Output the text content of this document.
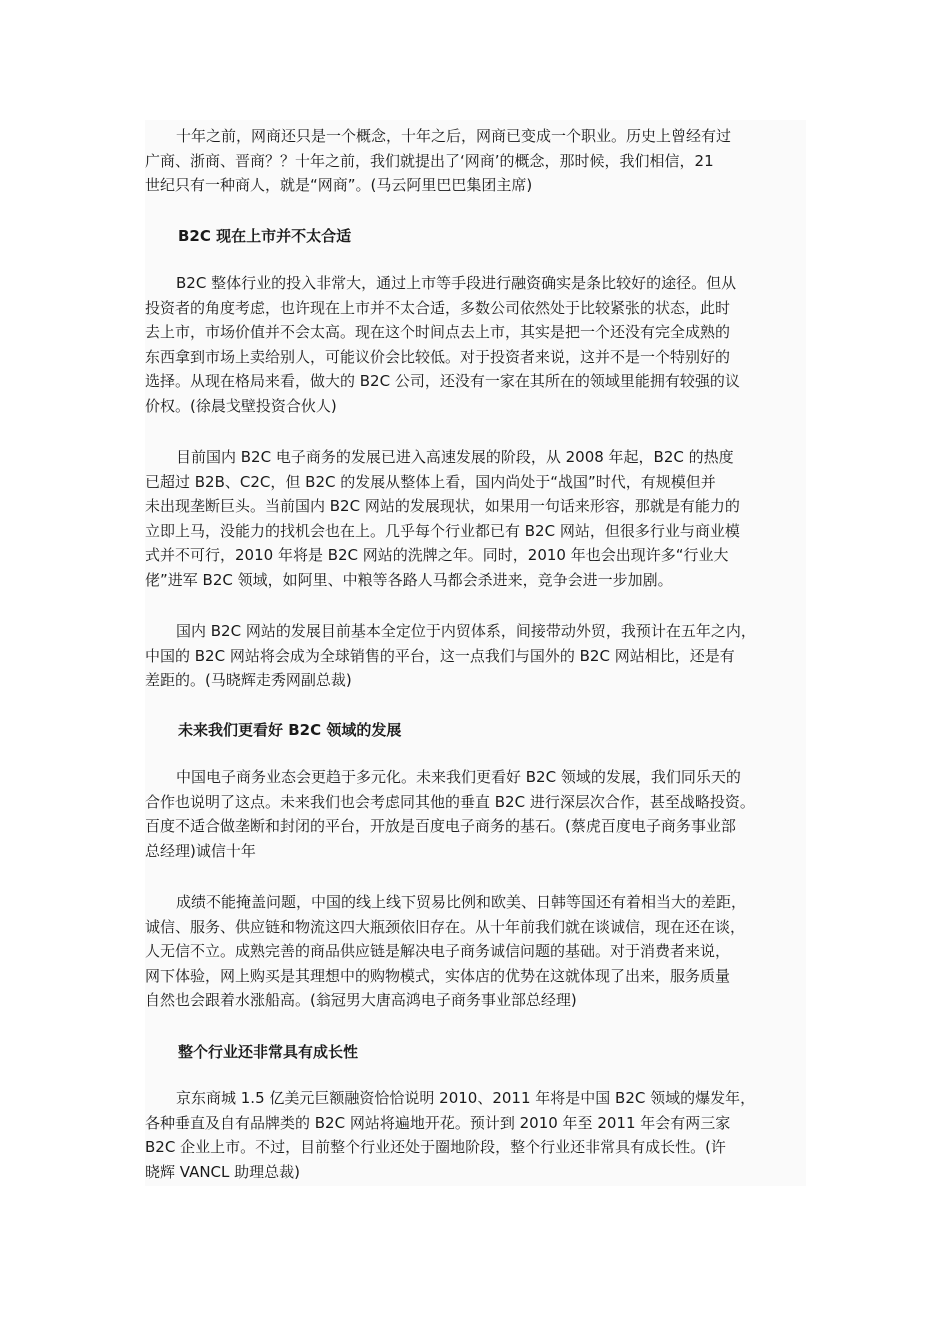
十年之前，网商还只是一个概念，十年之后，网商已变成一个职业。历史上曾经有过
广商、浙商、晋商？？十年之前，我们就提出了‘网商’的概念，那时候，我们相信，21
世纪只有一种商人，就是“网商”。(马云阿里巴巴集团主席)
B2C 现在上市并不太合适
B2C 整体行业的投入非常大，通过上市等手段进行融资确实是条比较好的途径。但从
投资者的角度考虑，也许现在上市并不太合适，多数公司依然处于比较紧张的状态，此时
去上市，市场价值并不会太高。现在这个时间点去上市，其实是把一个还没有完全成熟的
东西拿到市场上卖给别人，可能议价会比较低。对于投资者来说，这并不是一个特别好的
选择。从现在格局来看，做大的 B2C 公司，还没有一家在其所在的领域里能拥有较强的议
价权。(徐晨戈壁投资合伙人)
目前国内 B2C 电子商务的发展已进入高速发展的阶段，从 2008 年起，B2C 的热度
已超过 B2B、C2C，但 B2C 的发展从整体上看，国内尚处于“战国”时代，有规模但并
未出现垄断巨头。当前国内 B2C 网站的发展现状，如果用一句话来形容，那就是有能力的
立即上马，没能力的找机会也在上。几乎每个行业都已有 B2C 网站，但很多行业与商业模
式并不可行，2010 年将是 B2C 网站的洗牌之年。同时，2010 年也会出现许多“行业大
佬”进军 B2C 领域，如阿里、中粮等各路人马都会杀进来，竞争会进一步加剧。
国内 B2C 网站的发展目前基本全定位于内贸体系，间接带动外贸，我预计在五年之内，
中国的 B2C 网站将会成为全球销售的平台，这一点我们与国外的 B2C 网站相比，还是有
差距的。(马晓辉走秀网副总裁)
未来我们更看好 B2C 领域的发展
中国电子商务业态会更趋于多元化。未来我们更看好 B2C 领域的发展，我们同乐天的
合作也说明了这点。未来我们也会考虑同其他的垂直 B2C 进行深层次合作，甚至战略投资。
百度不适合做垄断和封闭的平台，开放是百度电子商务的基石。(蔡虎百度电子商务事业部
总经理)诚信十年
成绩不能掩盖问题，中国的线上线下贸易比例和欧美、日韩等国还有着相当大的差距，
诚信、服务、供应链和物流这四大瓶颈依旧存在。从十年前我们就在谈诚信，现在还在谈，
人无信不立。成熟完善的商品供应链是解决电子商务诚信问题的基础。对于消费者来说，
网下体验，网上购买是其理想中的购物模式，实体店的优势在这就体现了出来，服务质量
自然也会跟着水涨船高。(翁冠男大唐高鸿电子商务事业部总经理)
整个行业还非常具有成长性
京东商城 1.5 亿美元巨额融资恰恰说明 2010、2011 年将是中国 B2C 领域的爆发年，
各种垂直及自有品牌类的 B2C 网站将遍地开花。预计到 2010 年至 2011 年会有两三家
B2C 企业上市。不过，目前整个行业还处于圈地阶段，整个行业还非常具有成长性。(许
晓辉 VANCL 助理总裁)
